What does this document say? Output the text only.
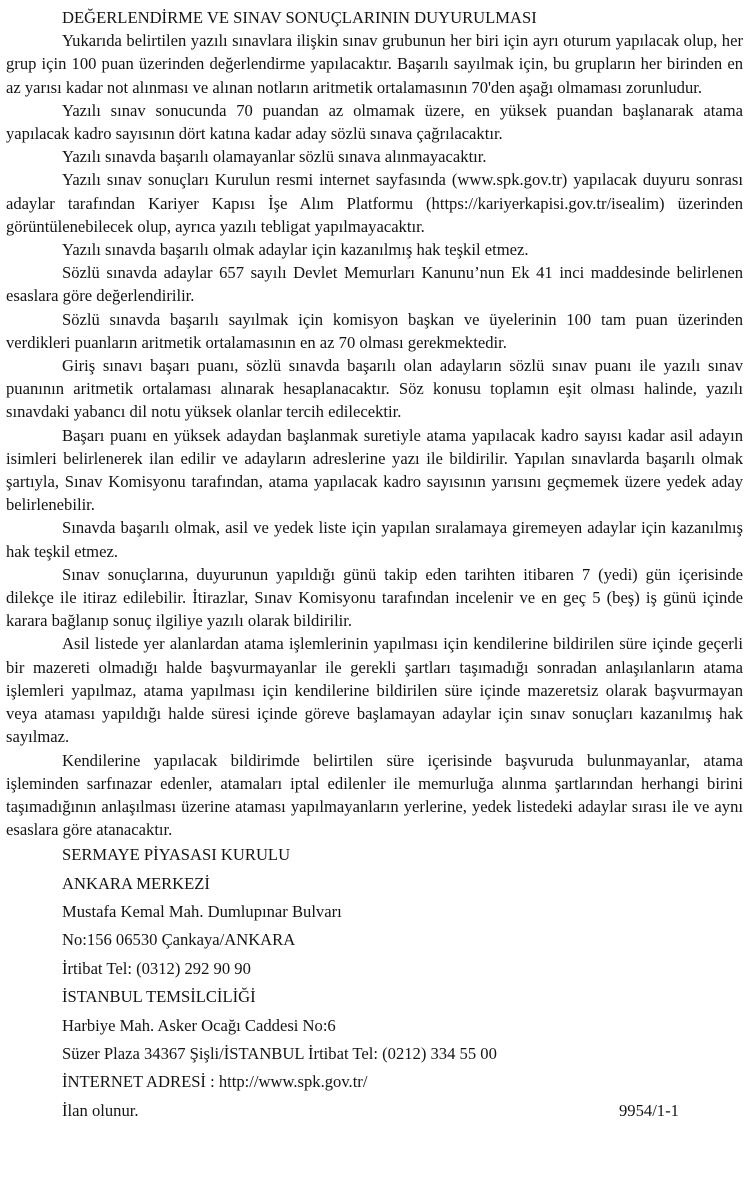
DEĞERLENDİRME VE SINAV SONUÇLARININ DUYURULMASI

Yukarıda belirtilen yazılı sınavlara ilişkin sınav grubunun her biri için ayrı oturum yapılacak olup, her grup için 100 puan üzerinden değerlendirme yapılacaktır. Başarılı sayılmak için, bu grupların her birinden en az yarısı kadar not alınması ve alınan notların aritmetik ortalamasının 70'den aşağı olmaması zorunludur.

Yazılı sınav sonucunda 70 puandan az olmamak üzere, en yüksek puandan başlanarak atama yapılacak kadro sayısının dört katına kadar aday sözlü sınava çağrılacaktır.

Yazılı sınavda başarılı olamayanlar sözlü sınava alınmayacaktır.

Yazılı sınav sonuçları Kurulun resmi internet sayfasında (www.spk.gov.tr) yapılacak duyuru sonrası adaylar tarafından Kariyer Kapısı İşe Alım Platformu (https://kariyerkapisi.gov.tr/isealim) üzerinden görüntülenebilecek olup, ayrıca yazılı tebligat yapılmayacaktır.

Yazılı sınavda başarılı olmak adaylar için kazanılmış hak teşkil etmez.

Sözlü sınavda adaylar 657 sayılı Devlet Memurları Kanunu’nun Ek 41 inci maddesinde belirlenen esaslara göre değerlendirilir.

Sözlü sınavda başarılı sayılmak için komisyon başkan ve üyelerinin 100 tam puan üzerinden verdikleri puanların aritmetik ortalamasının en az 70 olması gerekmektedir.

Giriş sınavı başarı puanı, sözlü sınavda başarılı olan adayların sözlü sınav puanı ile yazılı sınav puanının aritmetik ortalaması alınarak hesaplanacaktır. Söz konusu toplamın eşit olması halinde, yazılı sınavdaki yabancı dil notu yüksek olanlar tercih edilecektir.

Başarı puanı en yüksek adaydan başlanmak suretiyle atama yapılacak kadro sayısı kadar asil adayın isimleri belirlenerek ilan edilir ve adayların adreslerine yazı ile bildirilir. Yapılan sınavlarda başarılı olmak şartıyla, Sınav Komisyonu tarafından, atama yapılacak kadro sayısının yarısını geçmemek üzere yedek aday belirlenebilir.

Sınavda başarılı olmak, asil ve yedek liste için yapılan sıralamaya giremeyen adaylar için kazanılmış hak teşkil etmez.

Sınav sonuçlarına, duyurunun yapıldığı günü takip eden tarihten itibaren 7 (yedi) gün içerisinde dilekçe ile itiraz edilebilir. İtirazlar, Sınav Komisyonu tarafından incelenir ve en geç 5 (beş) iş günü içinde karara bağlanıp sonuç ilgiliye yazılı olarak bildirilir.

Asil listede yer alanlardan atama işlemlerinin yapılması için kendilerine bildirilen süre içinde geçerli bir mazereti olmadığı halde başvurmayanlar ile gerekli şartları taşımadığı sonradan anlaşılanların atama işlemleri yapılmaz, atama yapılması için kendilerine bildirilen süre içinde mazeretsiz olarak başvurmayan veya ataması yapıldığı halde süresi içinde göreve başlamayan adaylar için sınav sonuçları kazanılmış hak sayılmaz.

Kendilerine yapılacak bildirimde belirtilen süre içerisinde başvuruda bulunmayanlar, atama işleminden sarfınazar edenler, atamaları iptal edilenler ile memurluğa alınma şartlarından herhangi birini taşımadığının anlaşılması üzerine ataması yapılmayanların yerlerine, yedek listedeki adaylar sırası ile ve aynı esaslara göre atanacaktır.

SERMAYE PİYASASI KURULU
ANKARA MERKEZİ
Mustafa Kemal Mah. Dumlupınar Bulvarı
No:156 06530 Çankaya/ANKARA
İrtibat Tel: (0312) 292 90 90
İSTANBUL TEMSİLCİLİĞİ
Harbiye Mah. Asker Ocağı Caddesi No:6
Süzer Plaza 34367 Şişli/İSTANBUL İrtibat Tel: (0212) 334 55 00
İNTERNET ADRESİ : http://www.spk.gov.tr/
İlan olunur.	9954/1-1
